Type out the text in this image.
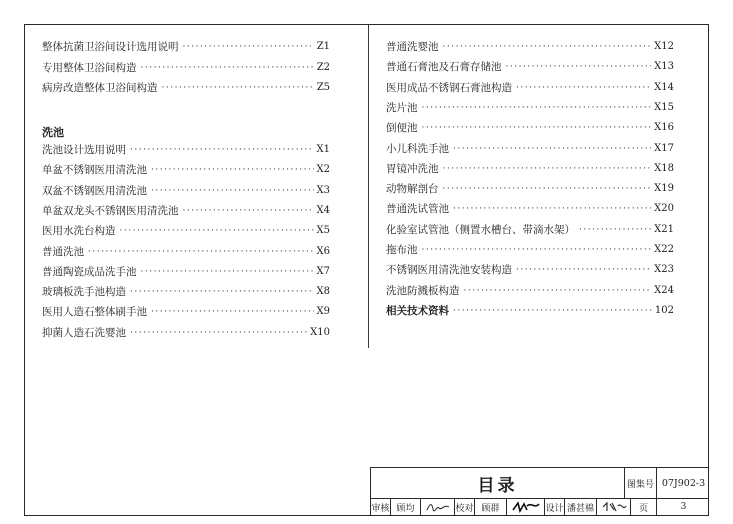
整体抗菌卫浴间设计选用说明 ·····	Z1
专用整体卫浴间构造 ·····	Z2
病房改造整体卫浴间构造 ·····	Z5
洗池
洗池设计选用说明 ·····	X1
单盆不锈钢医用清洗池 ·····	X2
双盆不锈钢医用清洗池 ·····	X3
单盆双龙头不锈钢医用清洗池 ·····	X4
医用水洗台构造 ·····	X5
普通洗池 ·····	X6
普通陶瓷成品洗手池 ·····	X7
玻璃板洗手池构造 ·····	X8
医用人造石整体刷手池 ·····	X9
抑菌人造石洗婴池 ·····	X10
普通洗婴池 ·····	X12
普通石膏池及石膏存储池 ·····	X13
医用成品不锈钢石膏池构造 ·····	X14
洗片池 ·····	X15
倒便池 ·····	X16
小儿科洗手池 ·····	X17
胃镜冲洗池 ·····	X18
动物解剖台 ·····	X19
普通洗试管池 ·····	X20
化验室试管池（侧置水槽台、带滴水架） ·····	X21
拖布池 ·····	X22
不锈钢医用清洗池安装构造 ·····	X23
洗池防溅板构造 ·····	X24
相关技术资料 ·····	102
目录	图集号 07J902-3
审核 顾均	校对 顾群	设计 潘甚棉	页	3
